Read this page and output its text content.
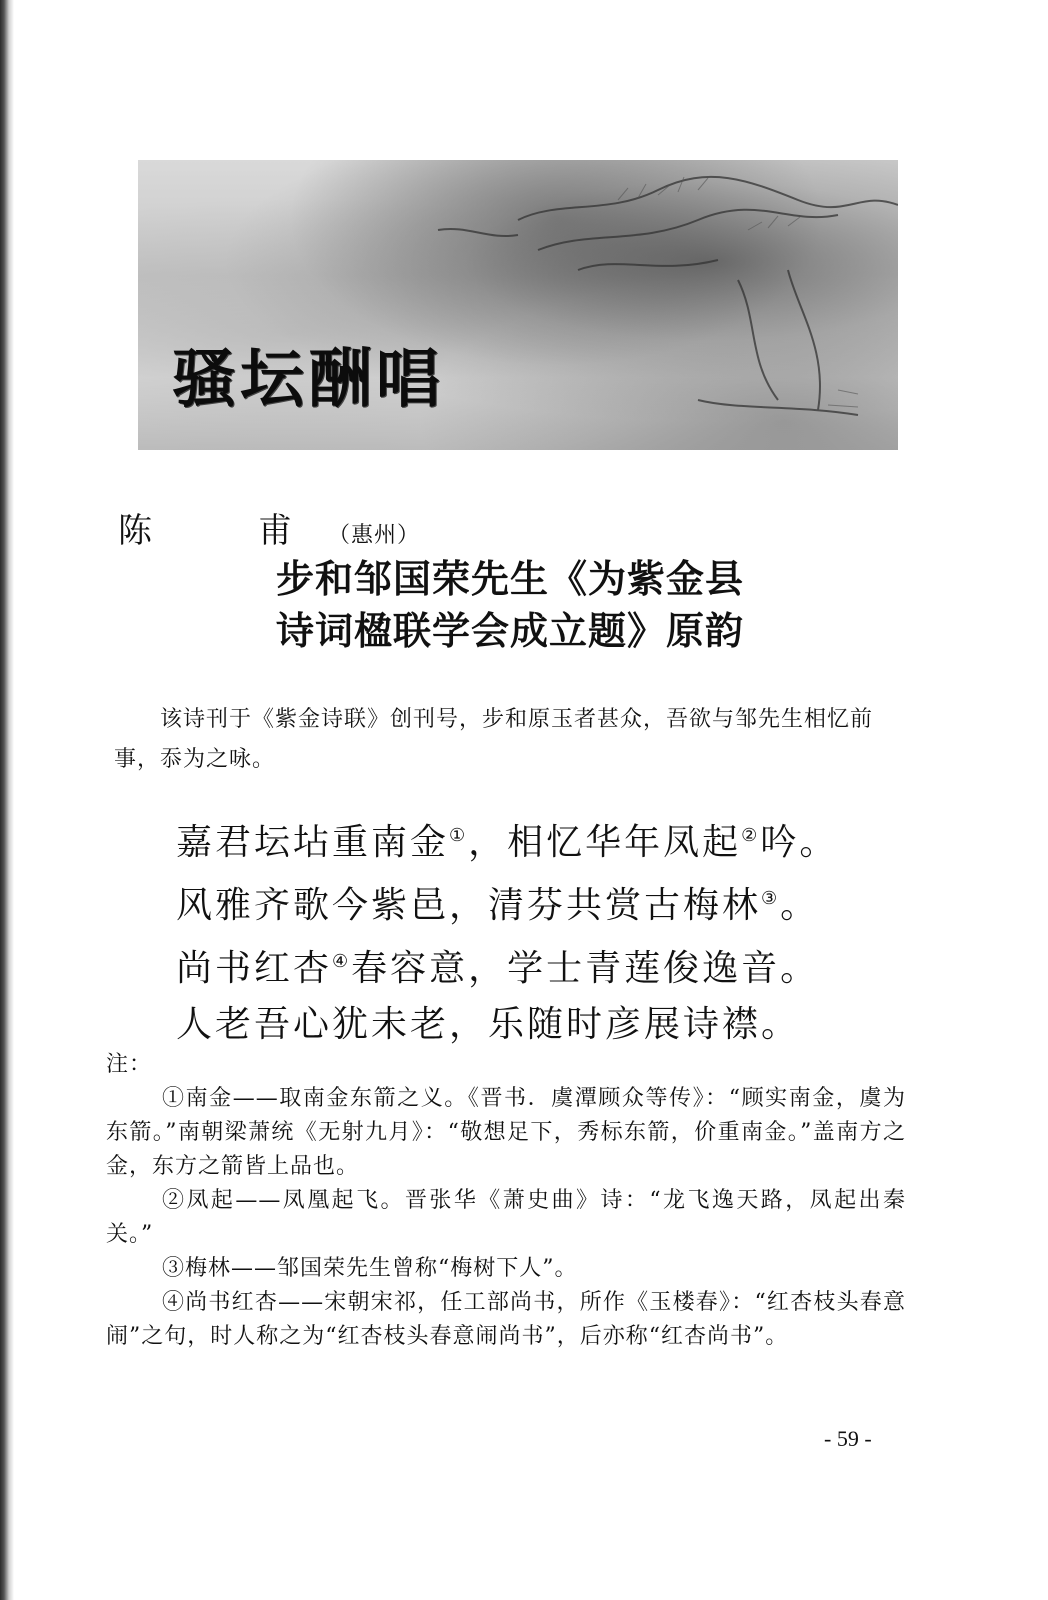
骚坛酬唱
陈　甫（惠州）
步和邹国荣先生《为紫金县
诗词楹联学会成立题》原韵
该诗刊于《紫金诗联》创刊号，步和原玉者甚众，吾欲与邹先生相忆前事，忝为之咏。
嘉君坛坫重南金①，相忆华年凤起②吟。
风雅齐歌今紫邑，清芬共赏古梅林③。
尚书红杏④春容意，学士青莲俊逸音。
人老吾心犹未老，乐随时彦展诗襟。
注：
①南金——取南金东箭之义。《晋书．虞潭顾众等传》：“顾实南金，虞为东箭。”南朝梁萧统《无射九月》：“敬想足下，秀标东箭，价重南金。”盖南方之金，东方之箭皆上品也。
②凤起——凤凰起飞。晋张华《萧史曲》诗：“龙飞逸天路，凤起出秦关。”
③梅林——邹国荣先生曾称“梅树下人”。
④尚书红杏——宋朝宋祁，任工部尚书，所作《玉楼春》：“红杏枝头春意闹”之句，时人称之为“红杏枝头春意闹尚书”，后亦称“红杏尚书”。
- 59 -
